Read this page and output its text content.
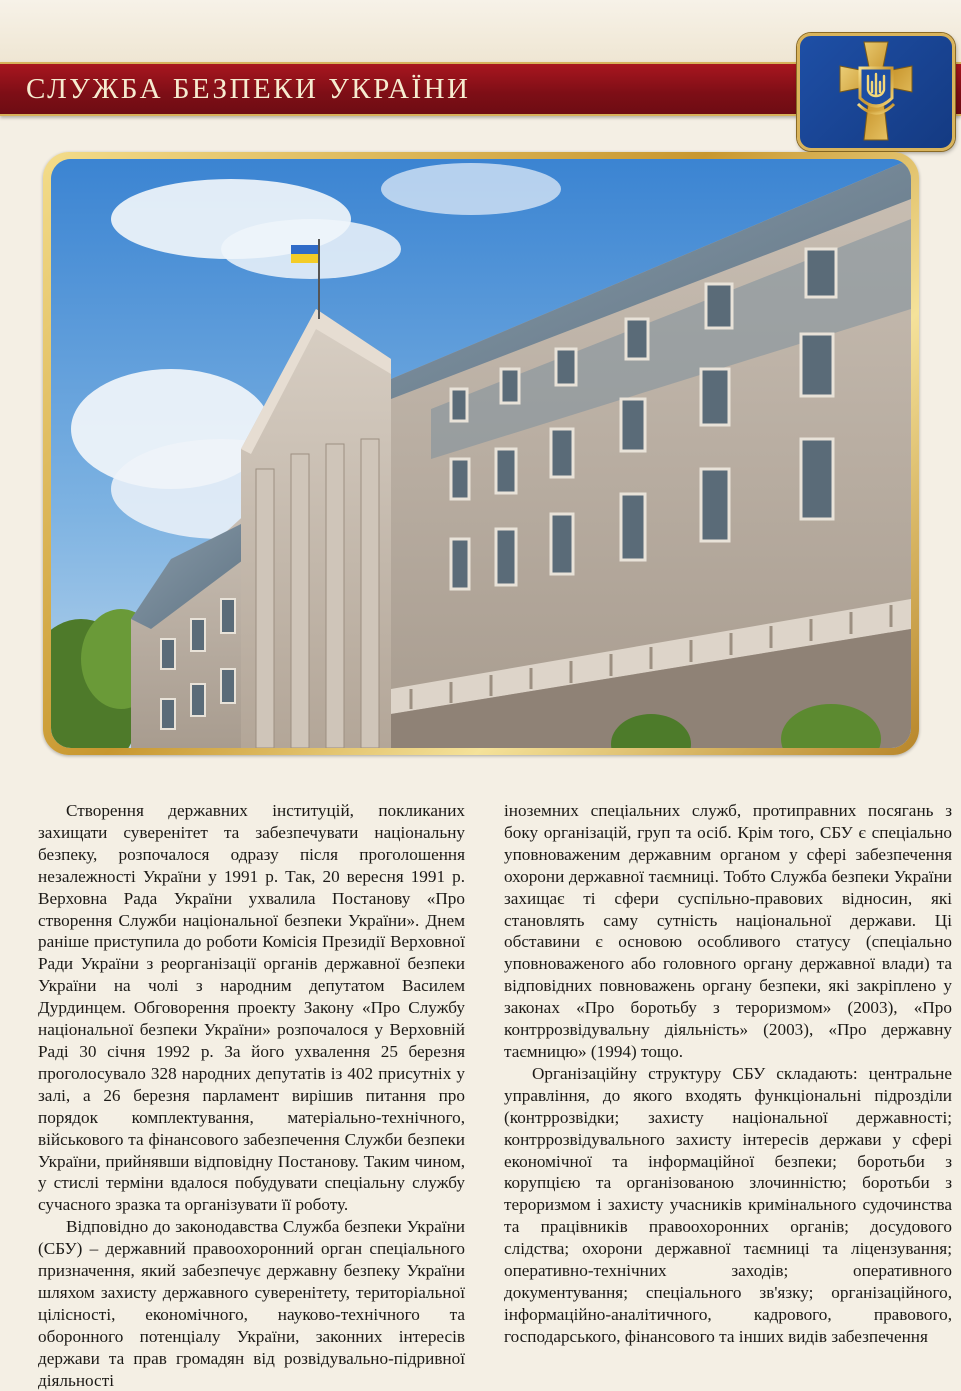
СЛУЖБА БЕЗПЕКИ УКРАЇНИ

Створення державних інституцій, покликаних захищати суверенітет та забезпечувати національну безпеку, розпочалося одразу після проголошення незалежності України у 1991 р. Так, 20 вересня 1991 р. Верховна Рада України ухвалила Постанову «Про створення Служби національної безпеки України». Днем раніше приступила до роботи Комісія Президії Верховної Ради України з реорганізації органів державної безпеки України на чолі з народним депутатом Василем Дурдинцем. Обговорення проекту Закону «Про Службу національної безпеки України» розпочалося у Верховній Раді 30 січня 1992 р. За його ухвалення 25 березня проголосувало 328 народних депутатів із 402 присутніх у залі, а 26 березня парламент вирішив питання про порядок комплектування, матеріально-технічного, військового та фінансового забезпечення Служби безпеки України, прийнявши відповідну Постанову. Таким чином, у стислі терміни вдалося побудувати спеціальну службу сучасного зразка та організувати її роботу.

Відповідно до законодавства Служба безпеки України (СБУ) – державний правоохоронний орган спеціального призначення, який забезпечує державну безпеку України шляхом захисту державного суверенітету, територіальної цілісності, економічного, науково-технічного та оборонного потенціалу України, законних інтересів держави та прав громадян від розвідувально-підривної діяльності

іноземних спеціальних служб, протиправних посягань з боку організацій, груп та осіб. Крім того, СБУ є спеціально уповноваженим державним органом у сфері забезпечення охорони державної таємниці. Тобто Служба безпеки України захищає ті сфери суспільно-правових відносин, які становлять саму сутність національної держави. Ці обставини є основою особливого статусу (спеціально уповноваженого або головного органу державної влади) та відповідних повноважень органу безпеки, які закріплено у законах «Про боротьбу з тероризмом» (2003), «Про контррозвідувальну діяльність» (2003), «Про державну таємницю» (1994) тощо.

Організаційну структуру СБУ складають: центральне управління, до якого входять функціональні підрозділи (контррозвідки; захисту національної державності; контррозвідувального захисту інтересів держави у сфері економічної та інформаційної безпеки; боротьби з корупцією та організованою злочинністю; боротьби з тероризмом і захисту учасників кримінального судочинства та працівників правоохоронних органів; досудового слідства; охорони державної таємниці та ліцензування; оперативно-технічних заходів; оперативного документування; спеціального зв'язку; організаційного, інформаційно-аналітичного, кадрового, правового, господарського, фінансового та інших видів забезпечення
